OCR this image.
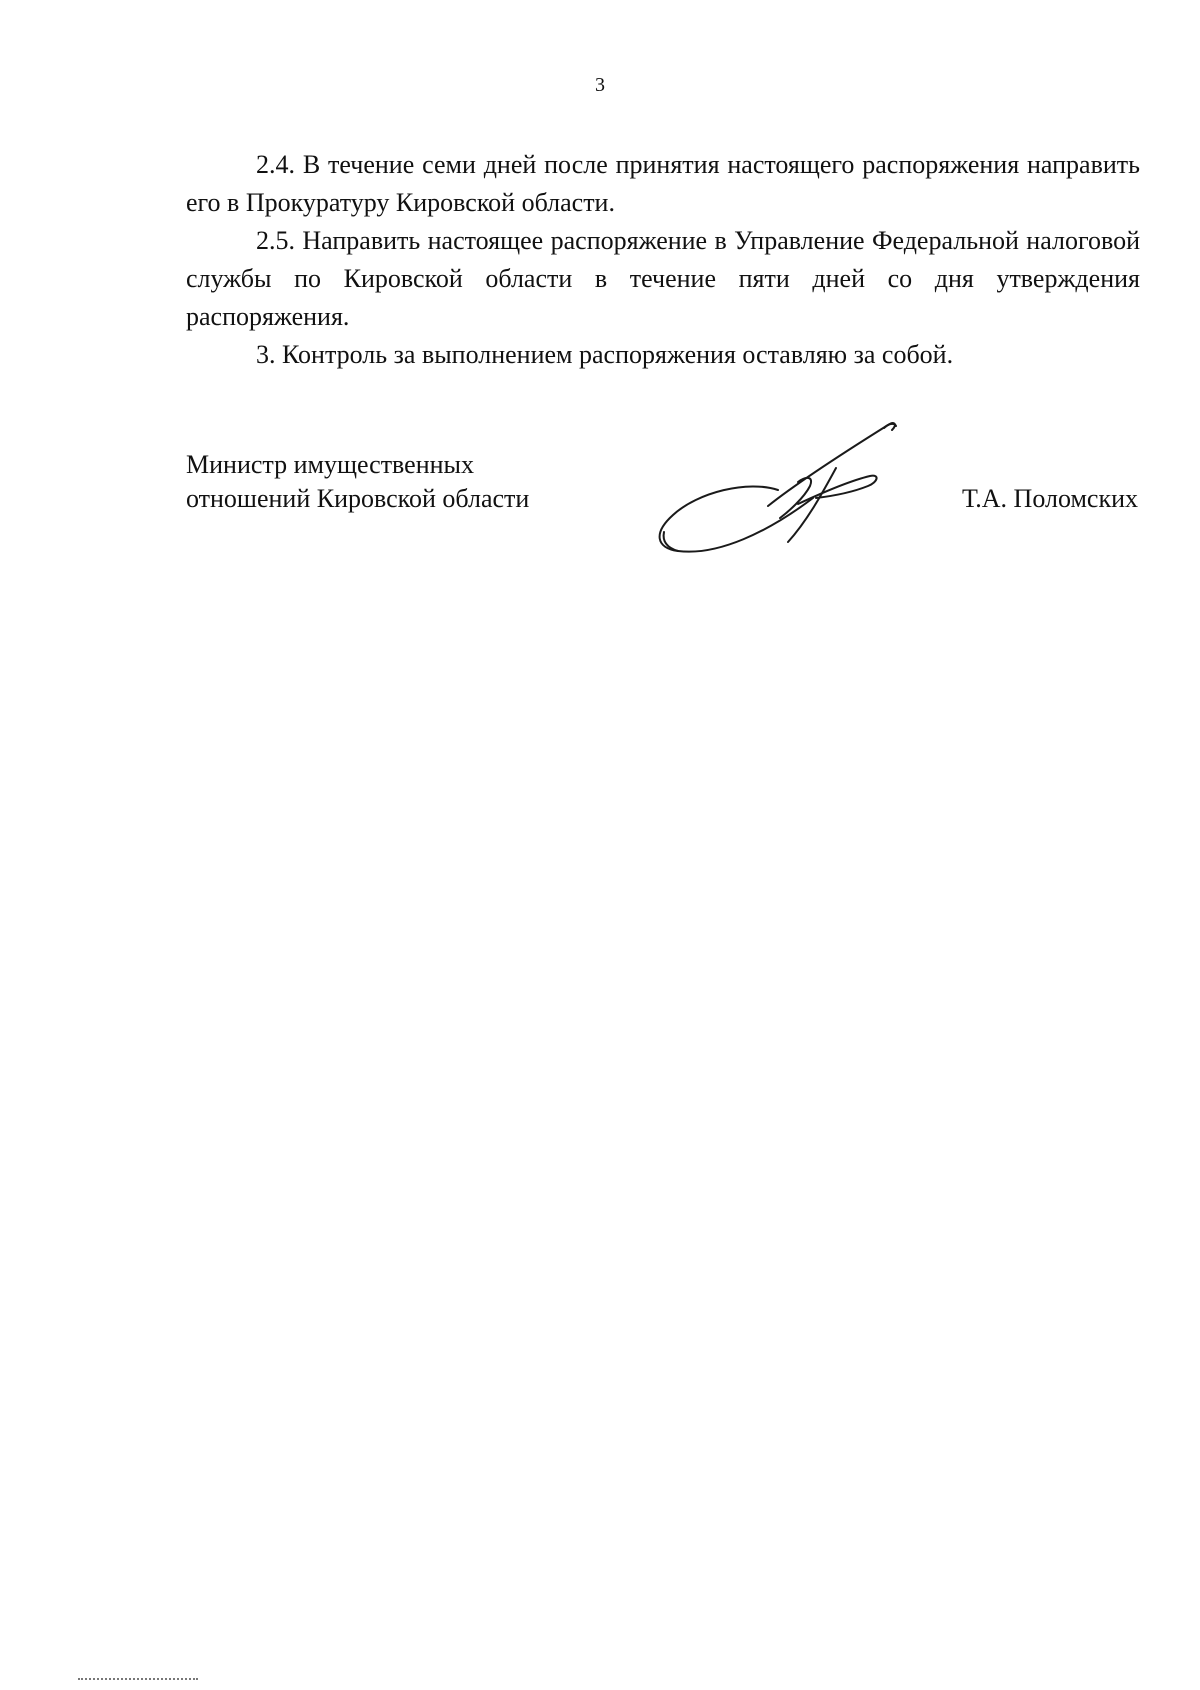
3

2.4. В течение семи дней после принятия настоящего распоряжения направить его в Прокуратуру Кировской области.

2.5. Направить настоящее распоряжение в Управление Федеральной налоговой службы по Кировской области в течение пяти дней со дня утверждения распоряжения.

3. Контроль за выполнением распоряжения оставляю за собой.

Министр имущественных
отношений Кировской области	Т.А. Поломских
